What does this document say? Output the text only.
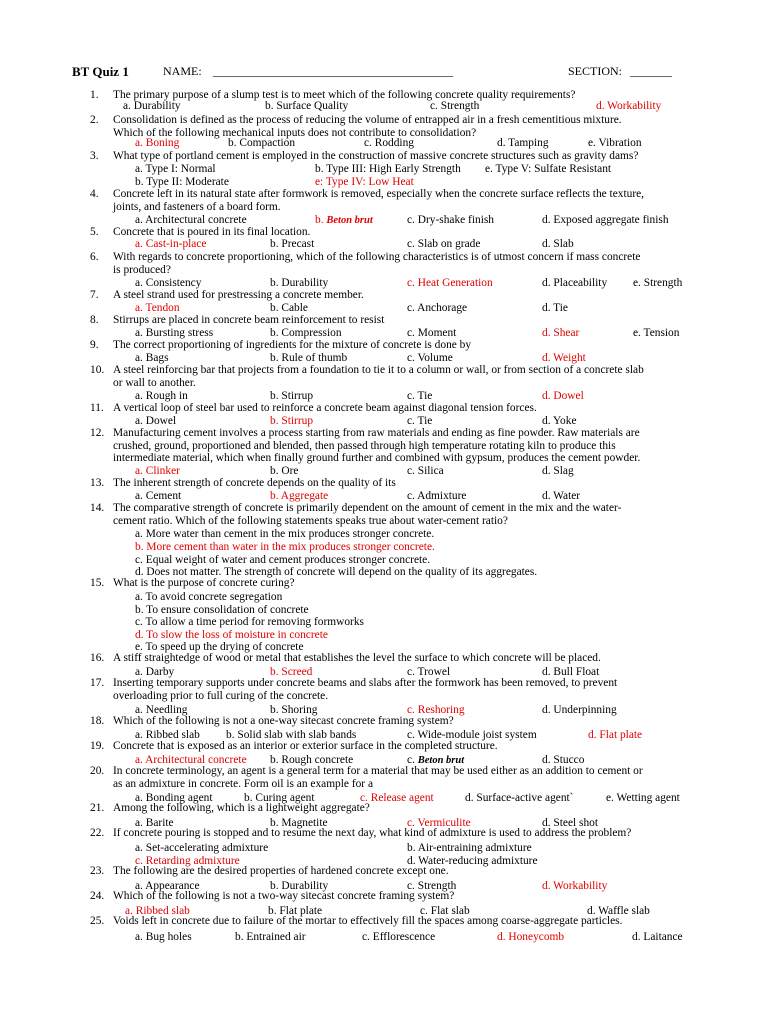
BT Quiz 1	NAME: ________________________________________	SECTION: _______
1. The primary purpose of a slump test is to meet which of the following concrete quality requirements?
2. Consolidation is defined as the process of reducing the volume of entrapped air in a fresh cementitious mixture.
Which of the following mechanical inputs does not contribute to consolidation?
3. What type of portland cement is employed in the construction of massive concrete structures such as gravity dams?
4. Concrete left in its natural state after formwork is removed, especially when the concrete surface reflects the texture,
joints, and fasteners of a board form.
5. Concrete that is poured in its final location.
6. With regards to concrete proportioning, which of the following characteristics is of utmost concern if mass concrete
is produced?
7. A steel strand used for prestressing a concrete member.
8. Stirrups are placed in concrete beam reinforcement to resist
9. The correct proportioning of ingredients for the mixture of concrete is done by
10. A steel reinforcing bar that projects from a foundation to tie it to a column or wall, or from section of a concrete slab
or wall to another.
11. A vertical loop of steel bar used to reinforce a concrete beam against diagonal tension forces.
12. Manufacturing cement involves a process starting from raw materials and ending as fine powder. Raw materials are
crushed, ground, proportioned and blended, then passed through high temperature rotating kiln to produce this
intermediate material, which when finally ground further and combined with gypsum, produces the cement powder.
13. The inherent strength of concrete depends on the quality of its
14. The comparative strength of concrete is primarily dependent on the amount of cement in the mix and the water-
cement ratio. Which of the following statements speaks true about water-cement ratio?
15. What is the purpose of concrete curing?
16. A stiff straightedge of wood or metal that establishes the level the surface to which concrete will be placed.
17. Inserting temporary supports under concrete beams and slabs after the formwork has been removed, to prevent
overloading prior to full curing of the concrete.
18. Which of the following is not a one-way sitecast concrete framing system?
19. Concrete that is exposed as an interior or exterior surface in the completed structure.
20. In concrete terminology, an agent is a general term for a material that may be used either as an addition to cement or
as an admixture in concrete. Form oil is an example for a
21. Among the following, which is a lightweight aggregate?
22. If concrete pouring is stopped and to resume the next day, what kind of admixture is used to address the problem?
23. The following are the desired properties of hardened concrete except one.
24. Which of the following is not a two-way sitecast concrete framing system?
25. Voids left in concrete due to failure of the mortar to effectively fill the spaces among coarse-aggregate particles.
a. Durability	b. Surface Quality	c. Strength	d. Workability
a. Boning	b. Compaction	c. Rodding	d. Tamping	e. Vibration
a. Type I: Normal	b. Type III: High Early Strength e. Type V: Sulfate Resistant
b. Type II: Moderate	e: Type IV: Low Heat
a. Architectural concrete	b. Beton brut	c. Dry-shake finish	d. Exposed aggregate finish
a. Cast-in-place	b. Precast	c. Slab on grade	d. Slab
a. Consistency	b. Durability	c. Heat Generation	d. Placeability e. Strength
a. Tendon	b. Cable	c. Anchorage	d. Tie
a. Bursting stress	b. Compression	c. Moment	d. Shear	e. Tension
a. Bags	b. Rule of thumb	c. Volume	d. Weight
a. Rough in	b. Stirrup	c. Tie	d. Dowel
a. Dowel	b. Stirrup	c. Tie	d. Yoke
a. Clinker	b. Ore	c. Silica	d. Slag
a. Cement	b. Aggregate	c. Admixture	d. Water
a. More water than cement in the mix produces stronger concrete.
b. More cement than water in the mix produces stronger concrete.
c. Equal weight of water and cement produces stronger concrete.
d. Does not matter. The strength of concrete will depend on the quality of its aggregates.
a. To avoid concrete segregation
b. To ensure consolidation of concrete
c. To allow a time period for removing formworks
d. To slow the loss of moisture in concrete
e. To speed up the drying of concrete
a. Darby	b. Screed	c. Trowel	d. Bull Float
a. Needling	b. Shoring	c. Reshoring	d. Underpinning
a. Ribbed slab b. Solid slab with slab bands	c. Wide-module joist system	d. Flat plate
a. Architectural concrete b. Rough concrete	c. Beton brut	d. Stucco
a. Bonding agent	b. Curing agent	c. Release agent	d. Surface-active agent`	e. Wetting agent
a. Barite	b. Magnetite	c. Vermiculite	d. Steel shot
a. Set-accelerating admixture	b. Air-entraining admixture
c. Retarding admixture	d. Water-reducing admixture
a. Appearance	b. Durability	c. Strength	d. Workability
a. Ribbed slab	b. Flat plate	c. Flat slab	d. Waffle slab
a. Bug holes	b. Entrained air	c. Efflorescence	d. Honeycomb	d. Laitance
